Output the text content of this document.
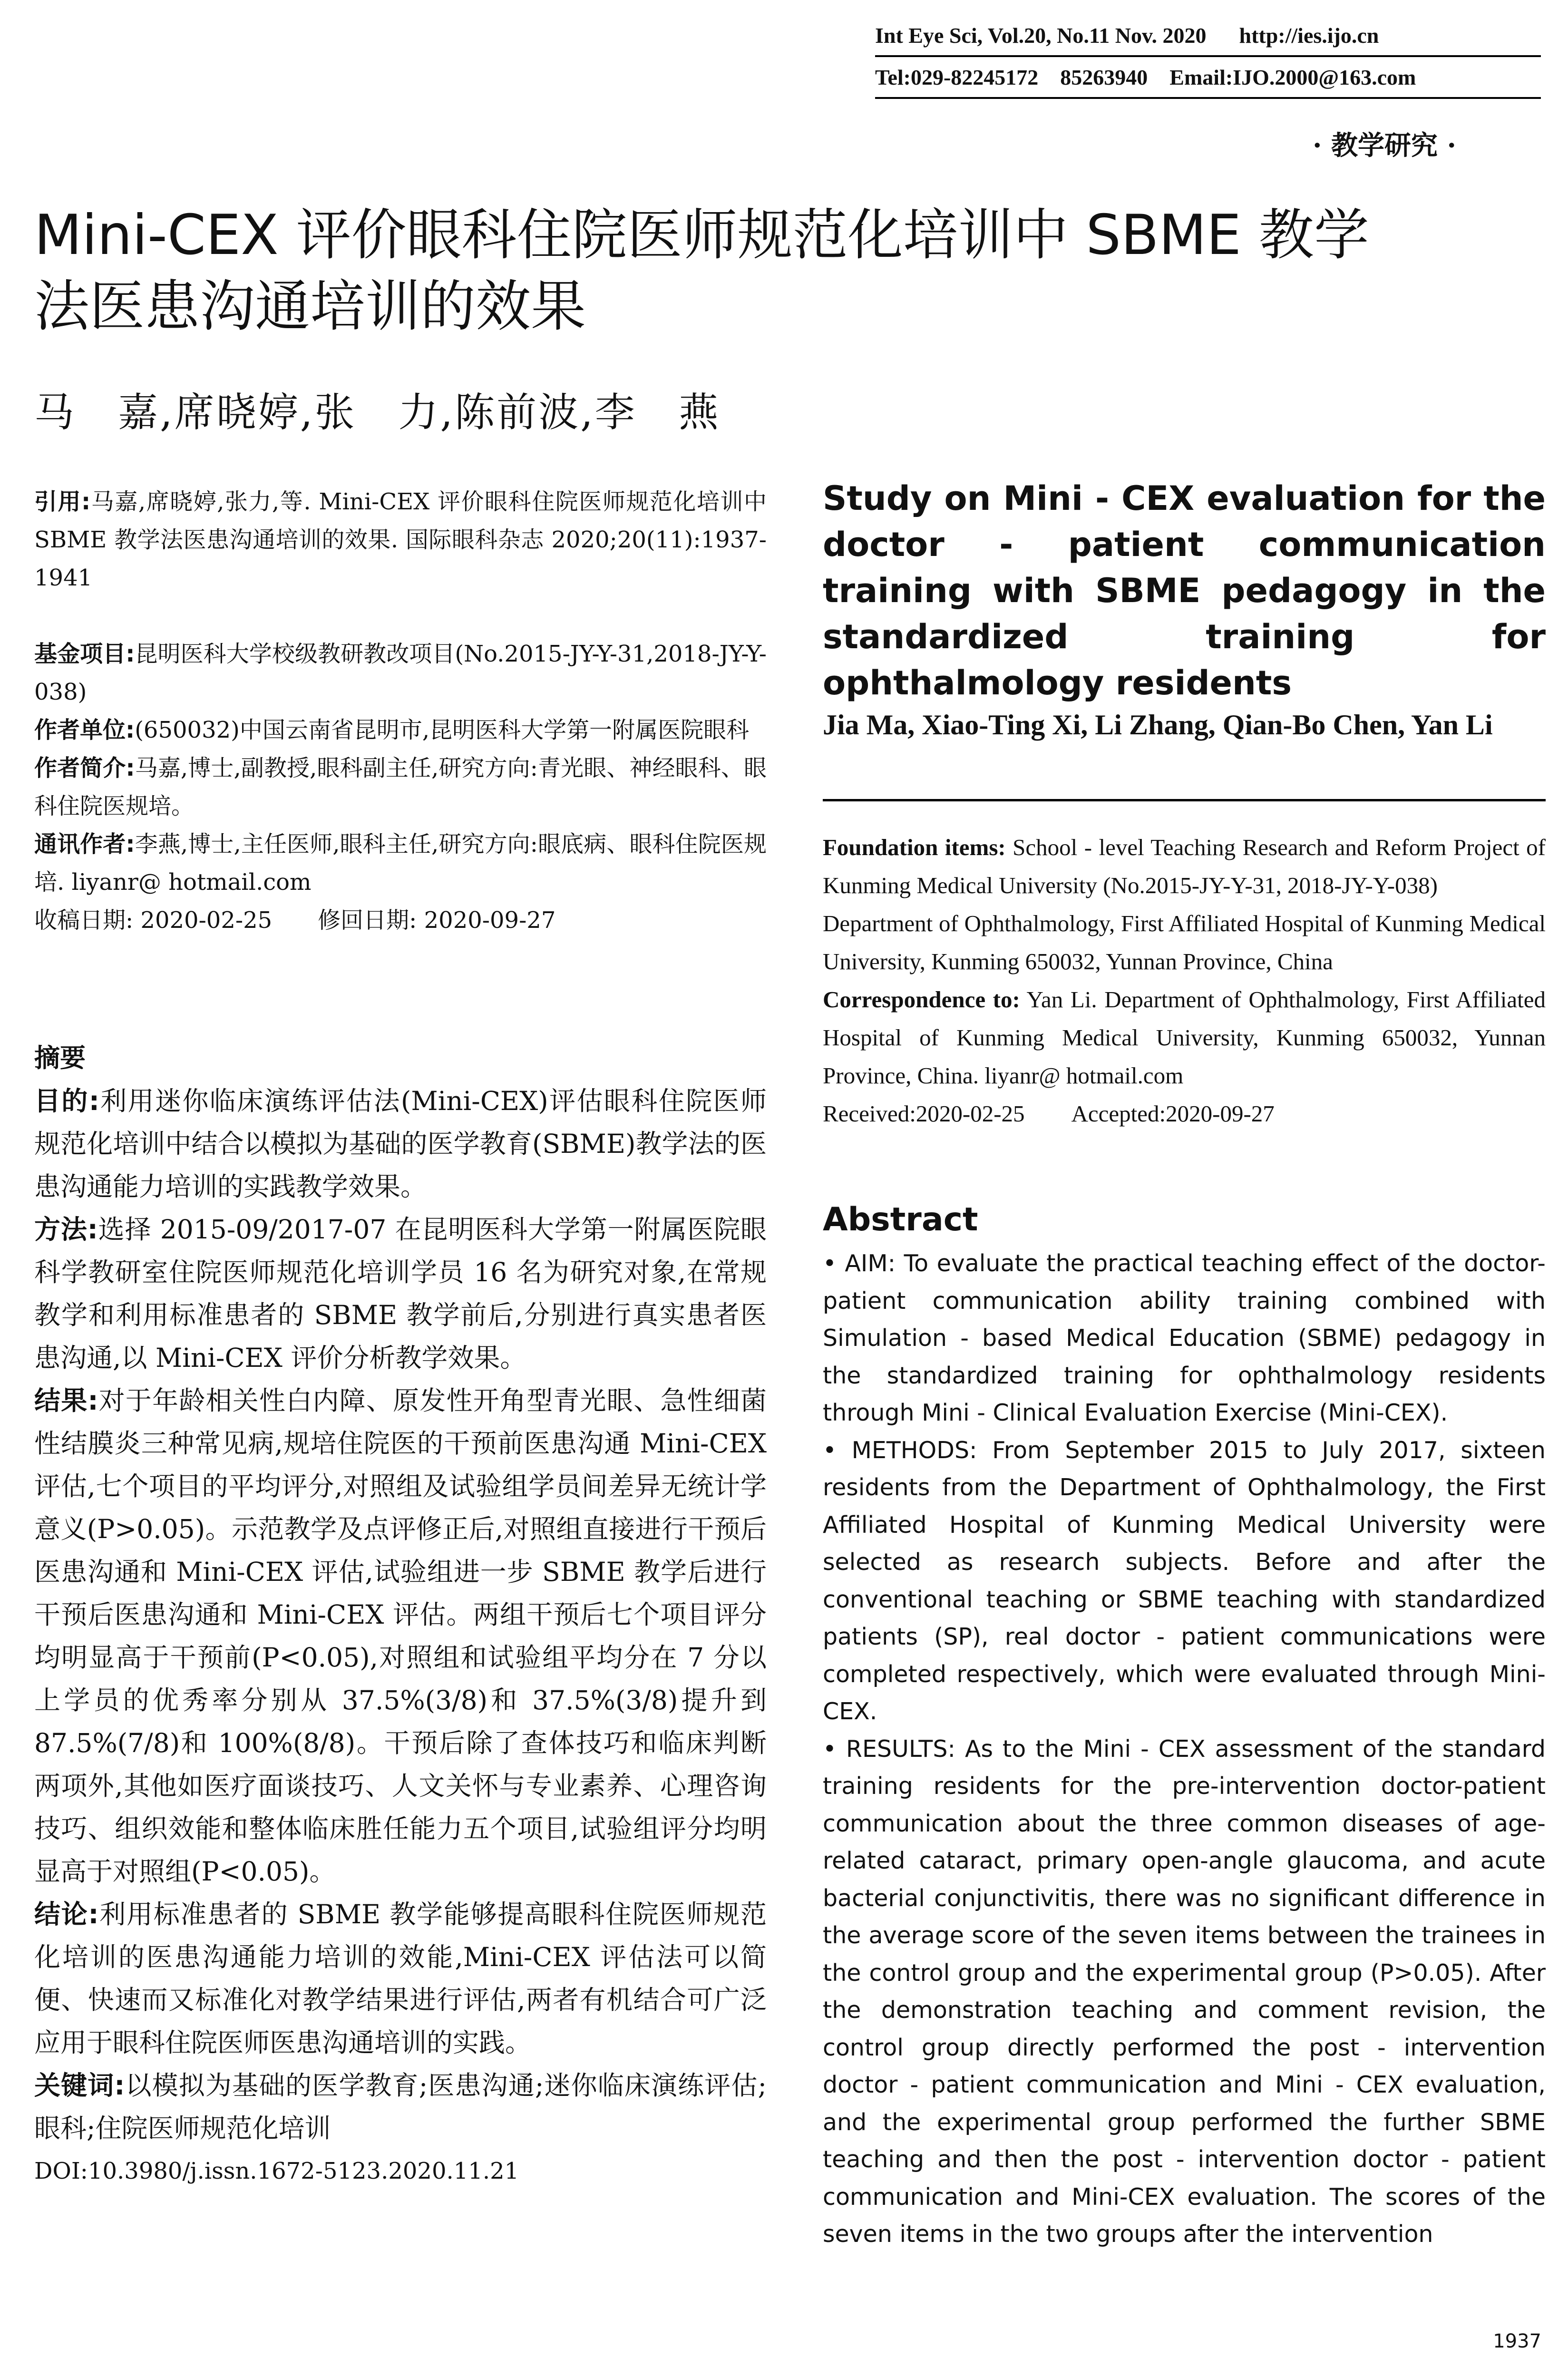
Int Eye Sci, Vol.20, No.11 Nov. 2020      http://ies.ijo.cn
Tel:029-82245172    85263940    Email:IJO.2000@163.com
· 教学研究 ·
Mini-CEX 评价眼科住院医师规范化培训中 SBME 教学
法医患沟通培训的效果
马　嘉,席晓婷,张　力,陈前波,李　燕

引用:马嘉,席晓婷,张力,等. Mini-CEX 评价眼科住院医师规范化培训中 SBME 教学法医患沟通培训的效果. 国际眼科杂志 2020;20(11):1937-1941

基金项目:昆明医科大学校级教研教改项目(No.2015-JY-Y-31,2018-JY-Y-038)

作者单位:(650032)中国云南省昆明市,昆明医科大学第一附属医院眼科

作者简介:马嘉,博士,副教授,眼科副主任,研究方向:青光眼、神经眼科、眼科住院医规培。

通讯作者:李燕,博士,主任医师,眼科主任,研究方向:眼底病、眼科住院医规培. liyanr@ hotmail.com

收稿日期: 2020-02-25　　修回日期: 2020-09-27

摘要

目的:利用迷你临床演练评估法(Mini-CEX)评估眼科住院医师规范化培训中结合以模拟为基础的医学教育(SBME)教学法的医患沟通能力培训的实践教学效果。

方法:选择 2015-09/2017-07 在昆明医科大学第一附属医院眼科学教研室住院医师规范化培训学员 16 名为研究对象,在常规教学和利用标准患者的 SBME 教学前后,分别进行真实患者医患沟通,以 Mini-CEX 评价分析教学效果。

结果:对于年龄相关性白内障、原发性开角型青光眼、急性细菌性结膜炎三种常见病,规培住院医的干预前医患沟通 Mini-CEX 评估,七个项目的平均评分,对照组及试验组学员间差异无统计学意义(P>0.05)。示范教学及点评修正后,对照组直接进行干预后医患沟通和 Mini-CEX 评估,试验组进一步 SBME 教学后进行干预后医患沟通和 Mini-CEX 评估。两组干预后七个项目评分均明显高于干预前(P<0.05),对照组和试验组平均分在 7 分以上学员的优秀率分别从 37.5%(3/8)和 37.5%(3/8)提升到 87.5%(7/8)和 100%(8/8)。干预后除了查体技巧和临床判断两项外,其他如医疗面谈技巧、人文关怀与专业素养、心理咨询技巧、组织效能和整体临床胜任能力五个项目,试验组评分均明显高于对照组(P<0.05)。

结论:利用标准患者的 SBME 教学能够提高眼科住院医师规范化培训的医患沟通能力培训的效能,Mini-CEX 评估法可以简便、快速而又标准化对教学结果进行评估,两者有机结合可广泛应用于眼科住院医师医患沟通培训的实践。

关键词:以模拟为基础的医学教育;医患沟通;迷你临床演练评估;眼科;住院医师规范化培训

DOI:10.3980/j.issn.1672-5123.2020.11.21

Study on Mini - CEX evaluation for the doctor - patient communication training with SBME pedagogy in the standardized training for ophthalmology residents
Jia Ma, Xiao-Ting Xi, Li Zhang, Qian-Bo Chen, Yan Li

Foundation items: School - level Teaching Research and Reform Project of Kunming Medical University (No.2015-JY-Y-31, 2018-JY-Y-038)

Department of Ophthalmology, First Affiliated Hospital of Kunming Medical University, Kunming 650032, Yunnan Province, China

Correspondence to: Yan Li. Department of Ophthalmology, First Affiliated Hospital of Kunming Medical University, Kunming 650032, Yunnan Province, China. liyanr@ hotmail.com

Received:2020-02-25　　Accepted:2020-09-27

Abstract

• AIM: To evaluate the practical teaching effect of the doctor-patient communication ability training combined with Simulation - based Medical Education (SBME) pedagogy in the standardized training for ophthalmology residents through Mini - Clinical Evaluation Exercise (Mini-CEX).

• METHODS: From September 2015 to July 2017, sixteen residents from the Department of Ophthalmology, the First Affiliated Hospital of Kunming Medical University were selected as research subjects. Before and after the conventional teaching or SBME teaching with standardized patients (SP), real doctor - patient communications were completed respectively, which were evaluated through Mini-CEX.

• RESULTS: As to the Mini - CEX assessment of the standard training residents for the pre-intervention doctor-patient communication about the three common diseases of age-related cataract, primary open-angle glaucoma, and acute bacterial conjunctivitis, there was no significant difference in the average score of the seven items between the trainees in the control group and the experimental group (P>0.05). After the demonstration teaching and comment revision, the control group directly performed the post - intervention doctor - patient communication and Mini - CEX evaluation, and the experimental group performed the further SBME teaching and then the post - intervention doctor - patient communication and Mini-CEX evaluation. The scores of the seven items in the two groups after the intervention

1937
